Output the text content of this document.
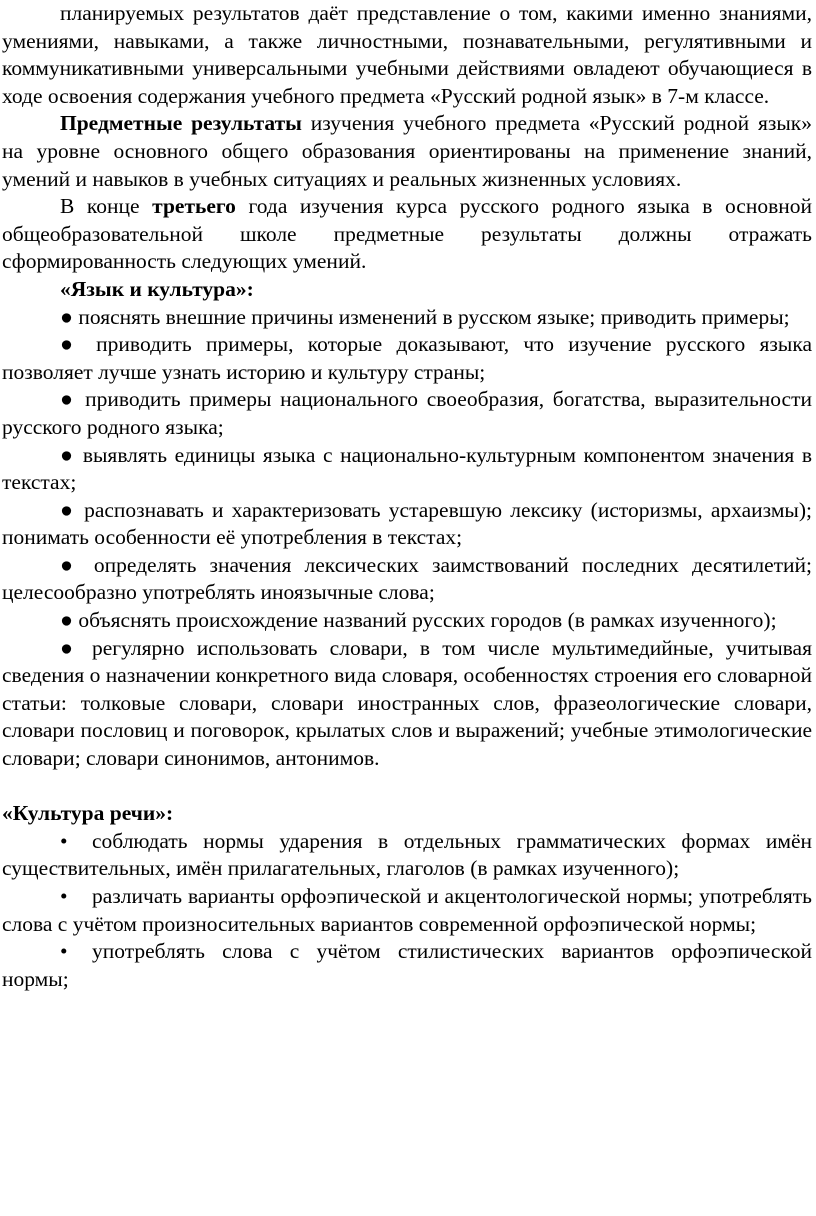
планируемых результатов даёт представление о том, какими именно знаниями, умениями, навыками, а также личностными, познавательными, регулятивными и коммуникативными универсальными учебными действиями овладеют обучающиеся в ходе освоения содержания учебного предмета «Русский родной язык» в 7-м классе.

Предметные результаты изучения учебного предмета «Русский родной язык» на уровне основного общего образования ориентированы на применение знаний, умений и навыков в учебных ситуациях и реальных жизненных условиях.

В конце третьего года изучения курса русского родного языка в основной общеобразовательной школе предметные результаты должны отражать сформированность следующих умений.

«Язык и культура»:

● пояснять внешние причины изменений в русском языке; приводить примеры;

● приводить примеры, которые доказывают, что изучение русского языка позволяет лучше узнать историю и культуру страны;

● приводить примеры национального своеобразия, богатства, выразительности русского родного языка;

● выявлять единицы языка с национально-культурным компонентом значения в текстах;

● распознавать и характеризовать устаревшую лексику (историзмы, архаизмы); понимать особенности её употребления в текстах;

● определять значения лексических заимствований последних десятилетий; целесообразно употреблять иноязычные слова;

● объяснять происхождение названий русских городов (в рамках изученного);

● регулярно использовать словари, в том числе мультимедийные, учитывая сведения о назначении конкретного вида словаря, особенностях строения его словарной статьи: толковые словари, словари иностранных слов, фразеологические словари, словари пословиц и поговорок, крылатых слов и выражений; учебные этимологические словари; словари синонимов, антонимов.

«Культура речи»:

• соблюдать нормы ударения в отдельных грамматических формах имён существительных, имён прилагательных, глаголов (в рамках изученного);

• различать варианты орфоэпической и акцентологической нормы; употреблять слова с учётом произносительных вариантов современной орфоэпической нормы;

• употреблять слова с учётом стилистических вариантов орфоэпической нормы;
